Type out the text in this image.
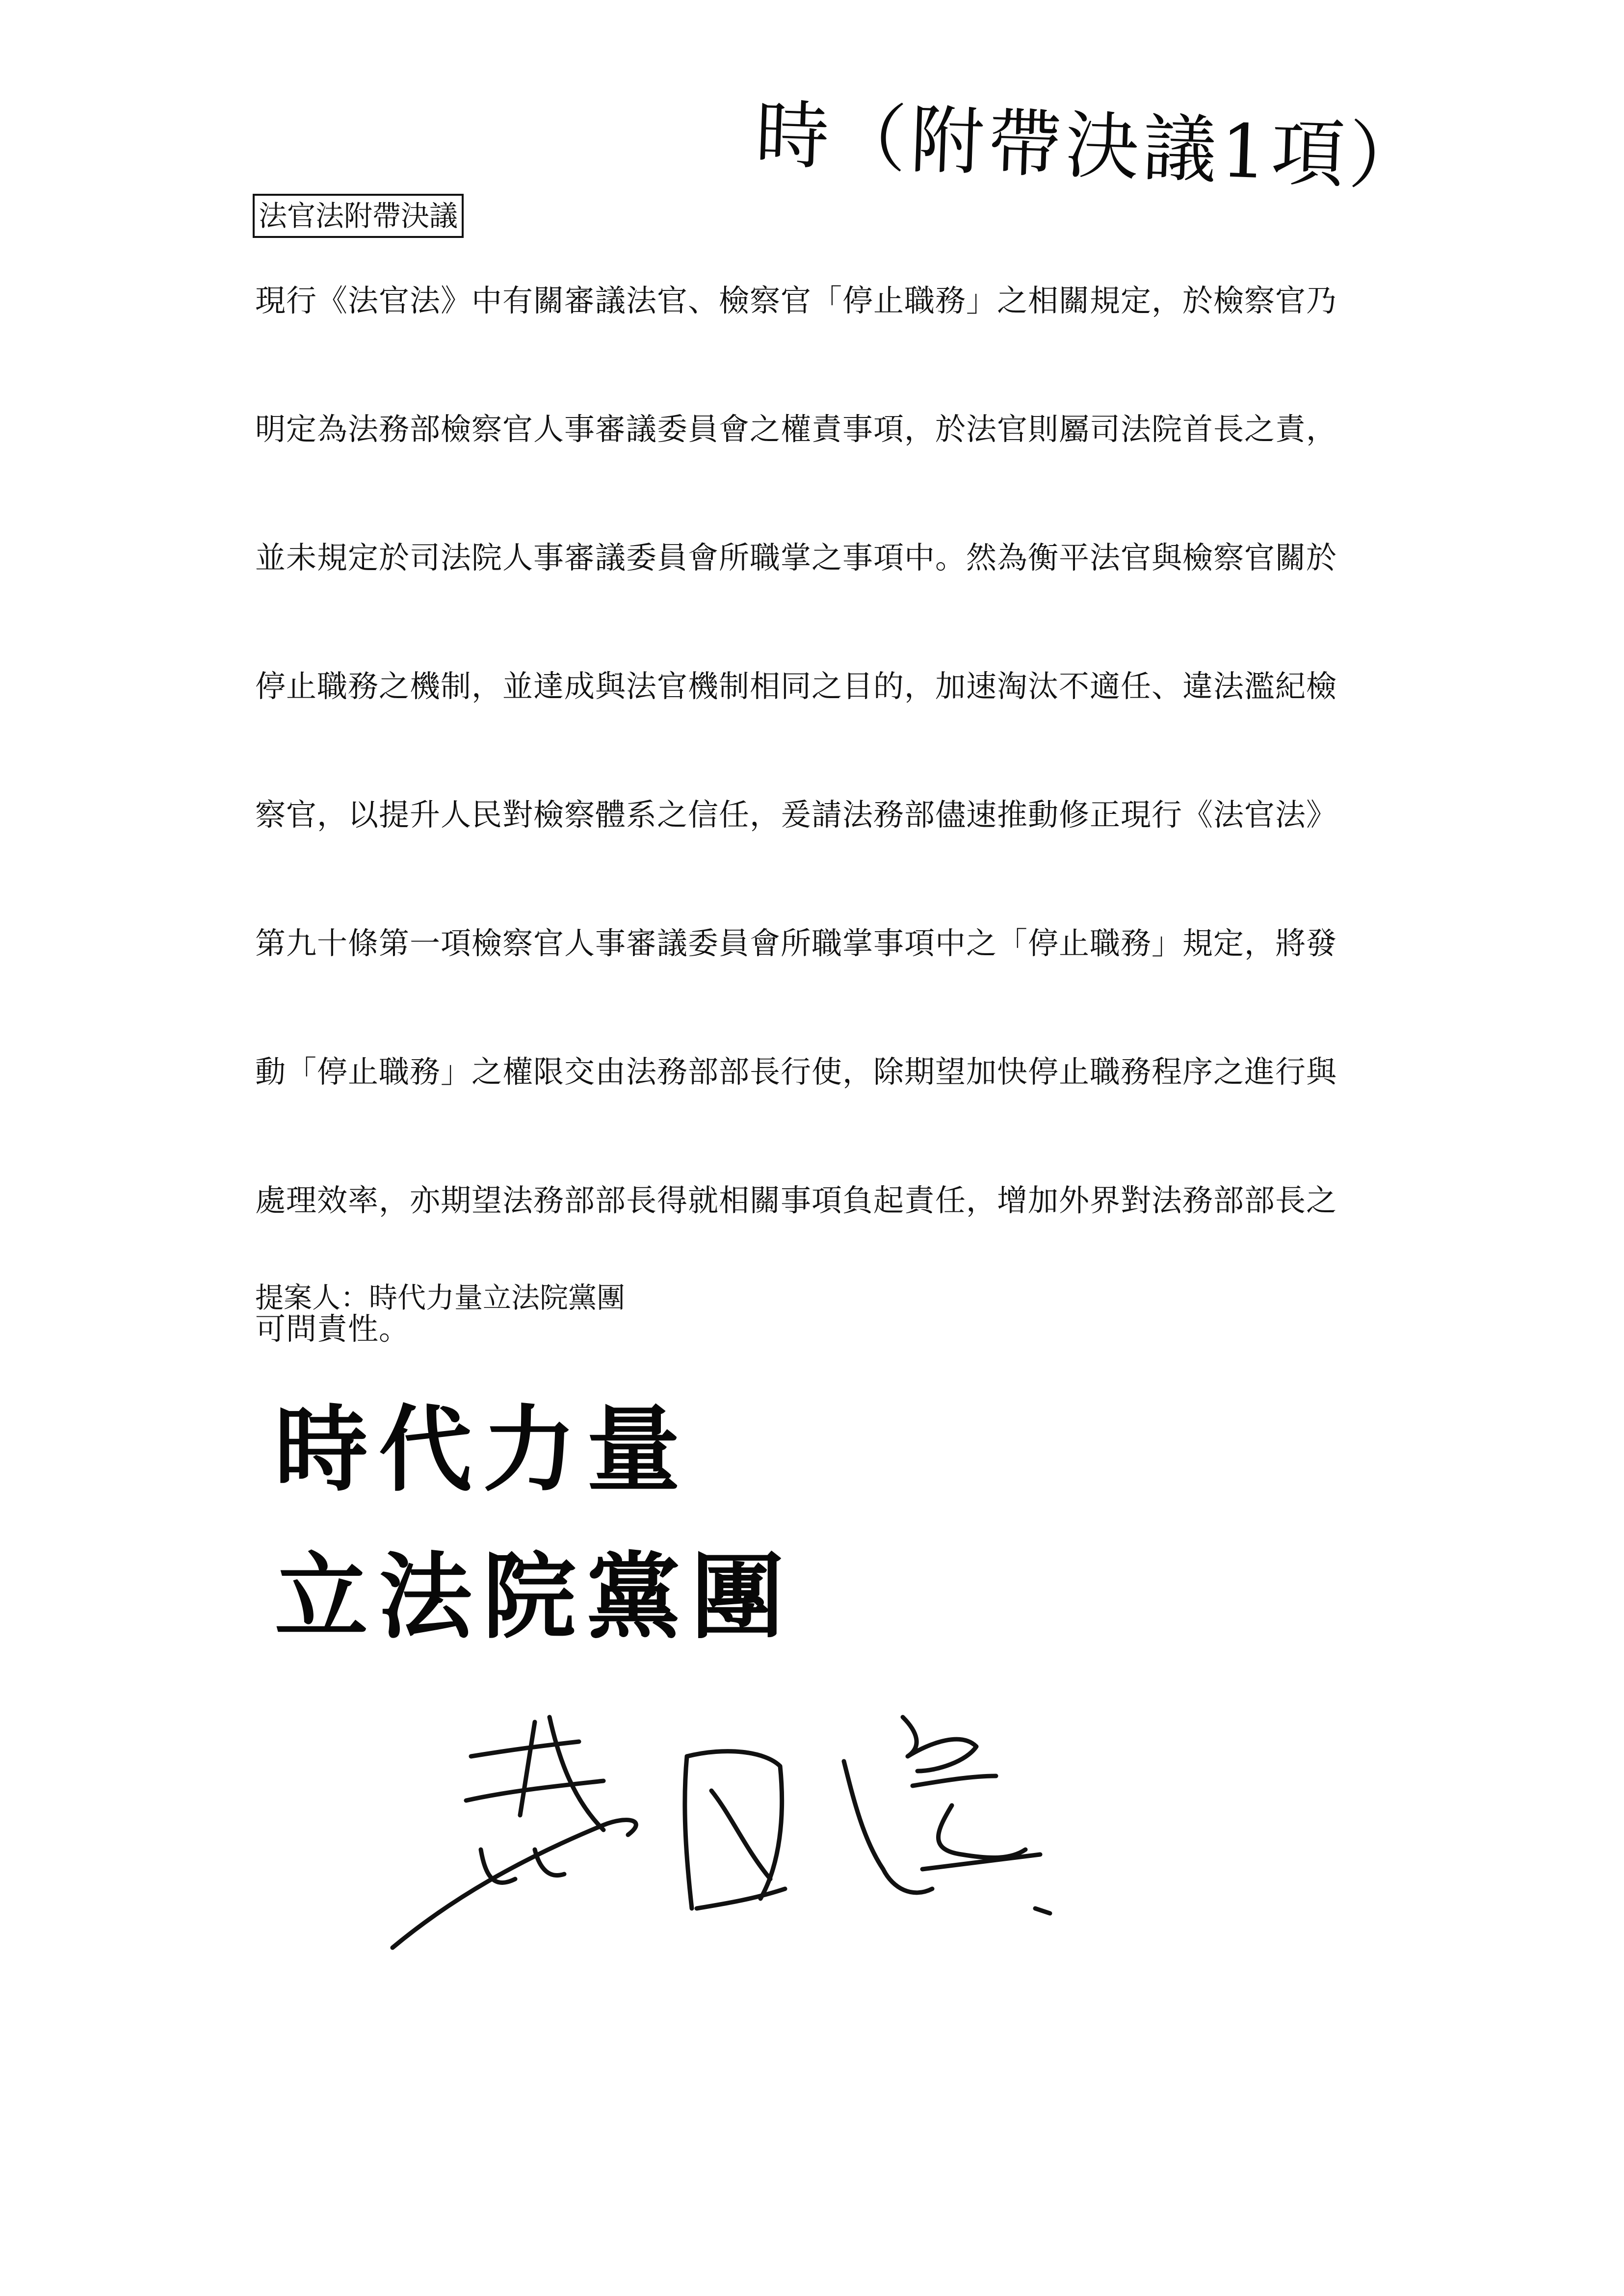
時（附帶決議1項）
法官法附帶決議
現行《法官法》中有關審議法官、檢察官「停止職務」之相關規定，於檢察官乃
明定為法務部檢察官人事審議委員會之權責事項，於法官則屬司法院首長之責，
並未規定於司法院人事審議委員會所職掌之事項中。然為衡平法官與檢察官關於
停止職務之機制，並達成與法官機制相同之目的，加速淘汰不適任、違法濫紀檢
察官，以提升人民對檢察體系之信任，爰請法務部儘速推動修正現行《法官法》
第九十條第一項檢察官人事審議委員會所職掌事項中之「停止職務」規定，將發
動「停止職務」之權限交由法務部部長行使，除期望加快停止職務程序之進行與
處理效率，亦期望法務部部長得就相關事項負起責任，增加外界對法務部部長之
可問責性。
提案人：時代力量立法院黨團
時代力量
立法院黨團
